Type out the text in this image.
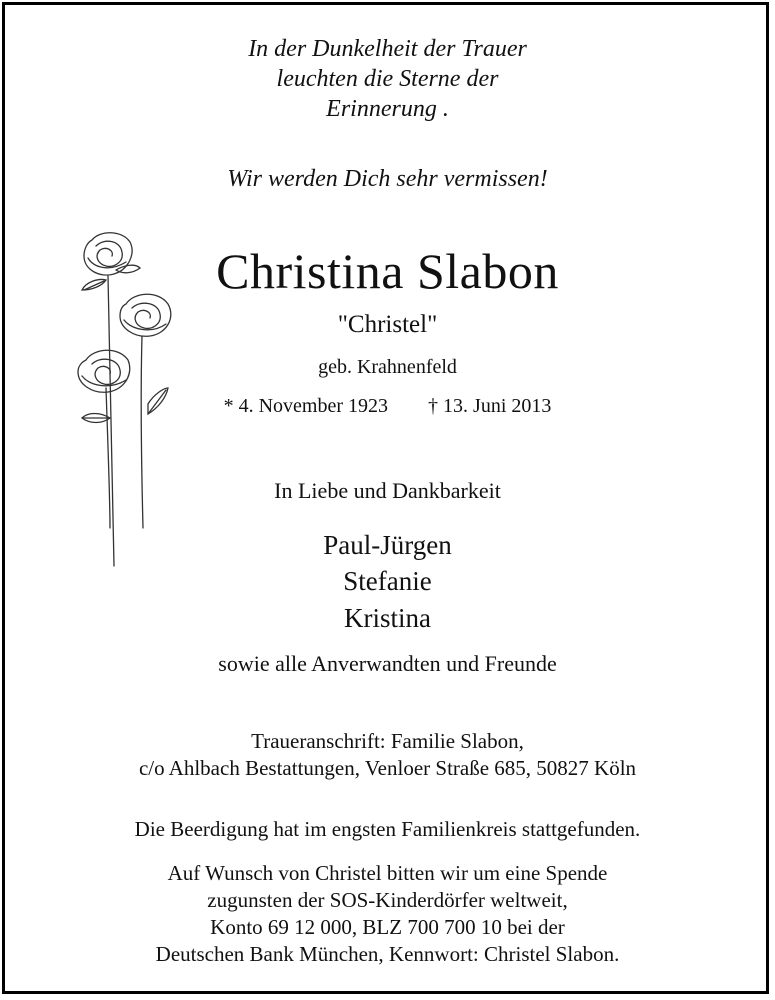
In der Dunkelheit der Trauer
leuchten die Sterne der
Erinnerung .
Wir werden Dich sehr vermissen!
Christina Slabon
"Christel"
geb. Krahnenfeld
* 4. November 1923 † 13. Juni 2013
In Liebe und Dankbarkeit
Paul-Jürgen
Stefanie
Kristina
sowie alle Anverwandten und Freunde
Traueranschrift: Familie Slabon,
c/o Ahlbach Bestattungen, Venloer Straße 685, 50827 Köln
Die Beerdigung hat im engsten Familienkreis stattgefunden.
Auf Wunsch von Christel bitten wir um eine Spende
zugunsten der SOS-Kinderdörfer weltweit,
Konto 69 12 000, BLZ 700 700 10 bei der
Deutschen Bank München, Kennwort: Christel Slabon.
